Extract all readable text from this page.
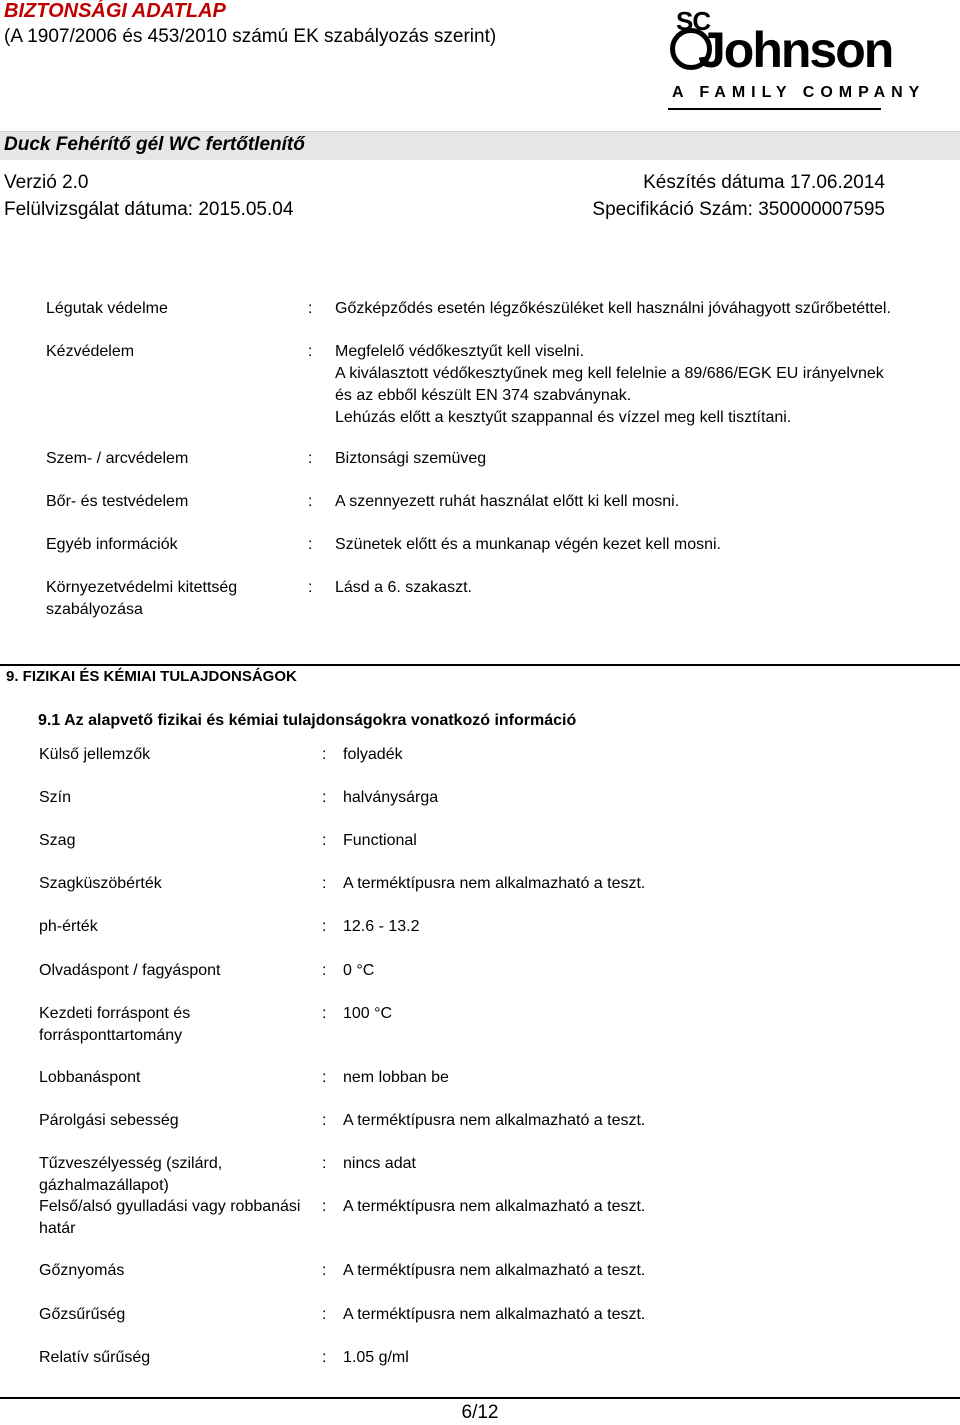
BIZTONSÁGI ADATLAP
(A 1907/2006 és 453/2010 számú EK szabályozás szerint)
SC
Johnson
A FAMILY COMPANY
Duck Fehérítő gél WC fertőtlenítő
Verzió 2.0	Készítés dátuma 17.06.2014
Felülvizsgálat dátuma: 2015.05.04	Specifikáció Szám: 350000007595
Légutak védelme	: Gőzképződés esetén légzőkészüléket kell használni jóváhagyott szűrőbetéttel.
Kézvédelem	: Megfelelő védőkesztyűt kell viselni.
A kiválasztott védőkesztyűnek meg kell felelnie a 89/686/EGK EU irányelvnek
és az ebből készült EN 374 szabványnak.
Lehúzás előtt a kesztyűt szappannal és vízzel meg kell tisztítani.
Szem- / arcvédelem	: Biztonsági szemüveg
Bőr- és testvédelem	: A szennyezett ruhát használat előtt ki kell mosni.
Egyéb információk	: Szünetek előtt és a munkanap végén kezet kell mosni.
Környezetvédelmi kitettség szabályozása
: Lásd a 6. szakaszt.
9. FIZIKAI ÉS KÉMIAI TULAJDONSÁGOK
9.1 Az alapvető fizikai és kémiai tulajdonságokra vonatkozó információ
Külső jellemzők	: folyadék
Szín	: halványsárga
Szag	: Functional
Szagküszöbérték	: A terméktípusra nem alkalmazható a teszt.
ph-érték	: 12.6 - 13.2
Olvadáspont / fagyáspont	: 0 °C
Kezdeti forráspont és forrásponttartomány
: 100 °C
Lobbanáspont	: nem lobban be
Párolgási sebesség	: A terméktípusra nem alkalmazható a teszt.
Tűzveszélyesség (szilárd, gázhalmazállapot)
: nincs adat
Felső/alsó gyulladási vagy robbanási határ
: A terméktípusra nem alkalmazható a teszt.
Gőznyomás	: A terméktípusra nem alkalmazható a teszt.
Gőzsűrűség	: A terméktípusra nem alkalmazható a teszt.
Relatív sűrűség	: 1.05 g/ml
6/12
